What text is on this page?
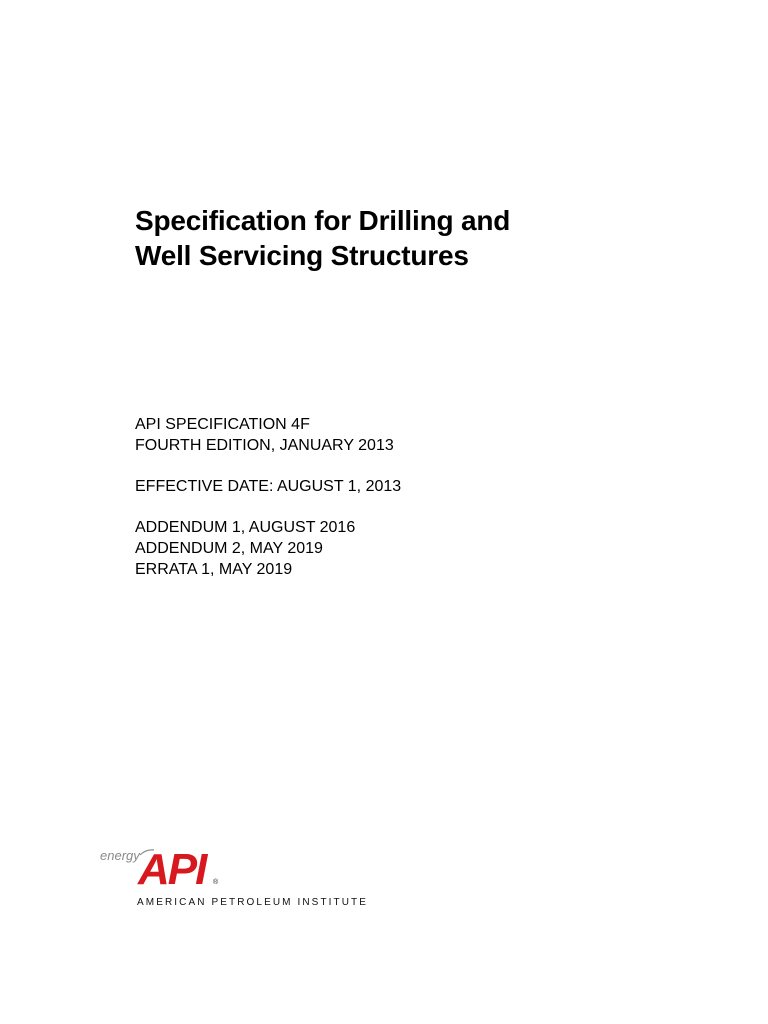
Specification for Drilling and
Well Servicing Structures
API SPECIFICATION 4F
FOURTH EDITION, JANUARY 2013
EFFECTIVE DATE: AUGUST 1, 2013
ADDENDUM 1, AUGUST 2016
ADDENDUM 2, MAY 2019
ERRATA 1, MAY 2019
energy
API	®
AMERICAN PETROLEUM INSTITUTE
